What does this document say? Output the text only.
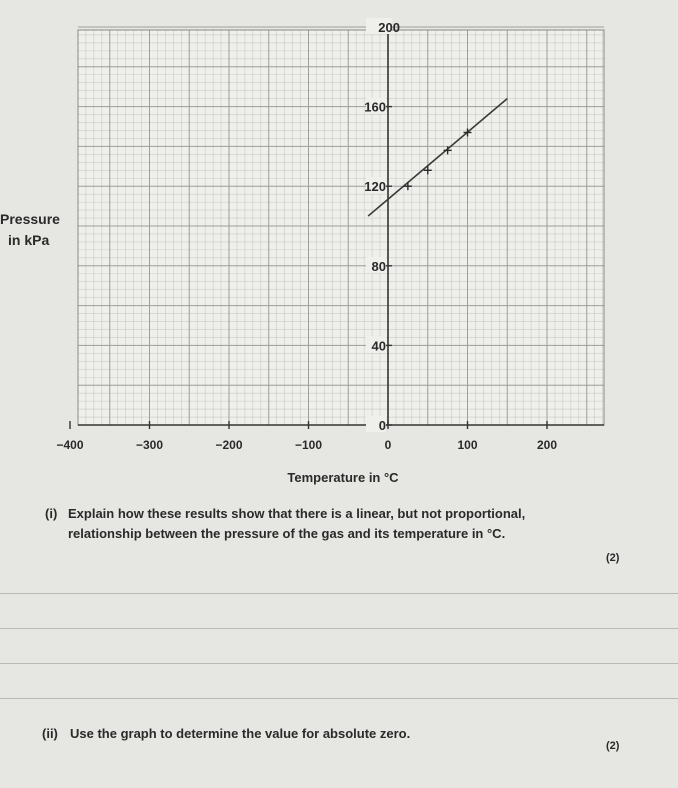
−400	−300	−200	−100	0	100	200
0
40
80
120
160
200
Pressure
in kPa
Temperature in °C
(i) Explain how these results show that there is a linear, but not proportional,
relationship between the pressure of the gas and its temperature in °C.
(2)
(ii) Use the graph to determine the value for absolute zero.
(2)
